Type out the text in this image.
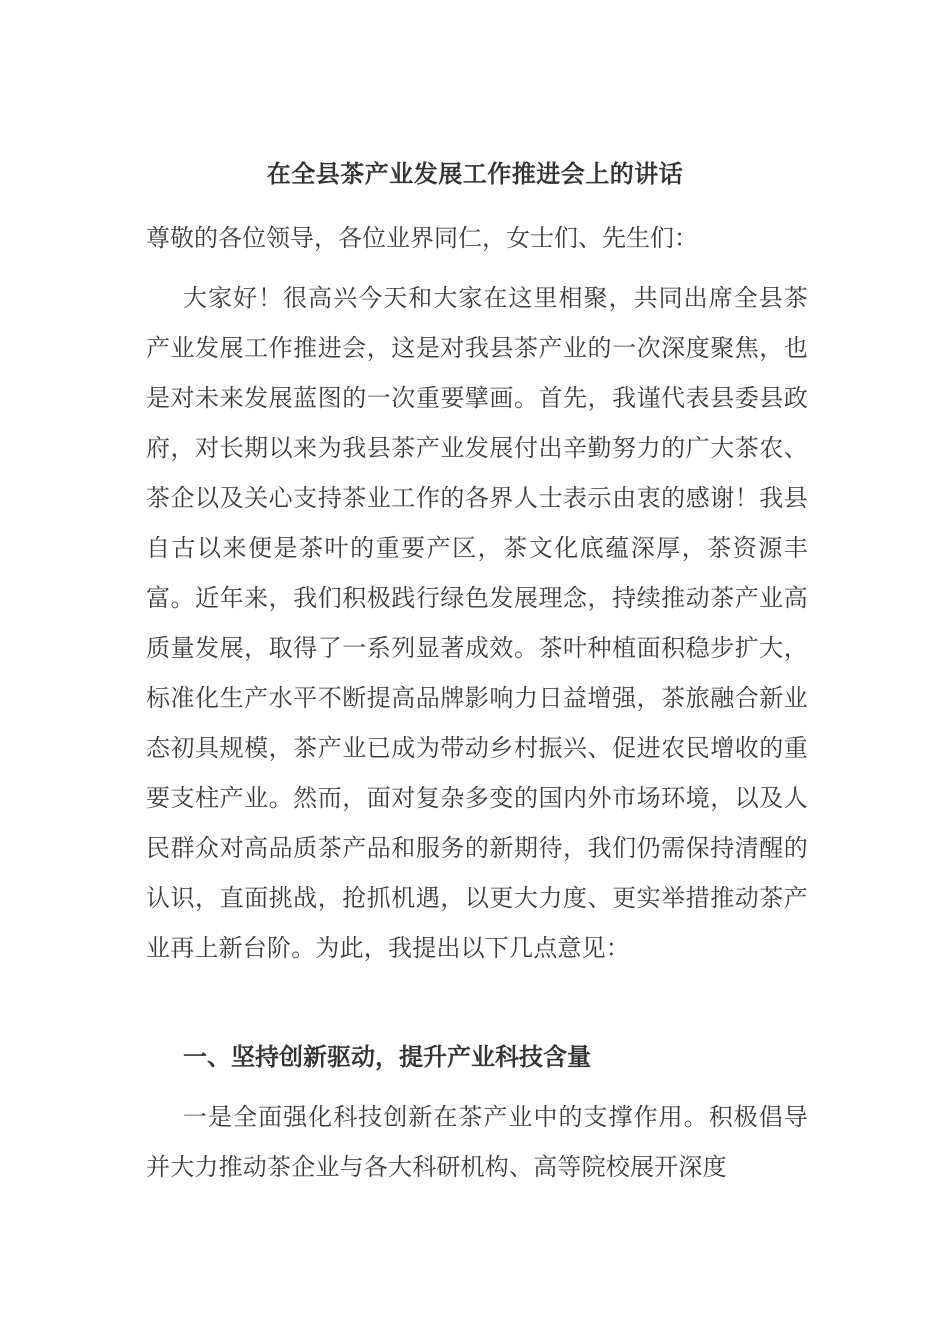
在全县茶产业发展工作推进会上的讲话
尊敬的各位领导，各位业界同仁，女士们、先生们：
大家好！很高兴今天和大家在这里相聚，共同出席全县茶产业发展工作推进会，这是对我县茶产业的一次深度聚焦，也是对未来发展蓝图的一次重要擘画。首先，我谨代表县委县政府，对长期以来为我县茶产业发展付出辛勤努力的广大茶农、茶企以及关心支持茶业工作的各界人士表示由衷的感谢！我县自古以来便是茶叶的重要产区，茶文化底蕴深厚，茶资源丰富。近年来，我们积极践行绿色发展理念，持续推动茶产业高质量发展，取得了一系列显著成效。茶叶种植面积稳步扩大，标准化生产水平不断提高品牌影响力日益增强，茶旅融合新业态初具规模，茶产业已成为带动乡村振兴、促进农民增收的重要支柱产业。然而，面对复杂多变的国内外市场环境，以及人民群众对高品质茶产品和服务的新期待，我们仍需保持清醒的认识，直面挑战，抢抓机遇，以更大力度、更实举措推动茶产业再上新台阶。为此，我提出以下几点意见：
一、坚持创新驱动，提升产业科技含量
一是全面强化科技创新在茶产业中的支撑作用。积极倡导并大力推动茶企业与各大科研机构、高等院校展开深度
